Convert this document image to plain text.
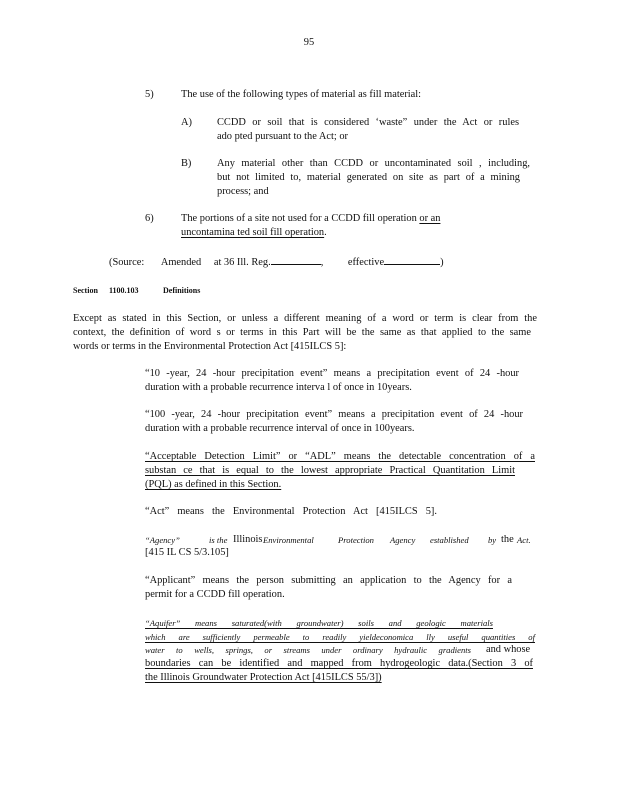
95
5)	The use of the following types of material as fill material:
A)	CCDD or soil that is considered ‘waste” under the Act or rules
ado pted pursuant to the Act; or
B)	Any material other than CCDD or uncontaminated soil , including,
but not limited to, material generated on site as part of a mining
process; and
6)	The portions of a site not used for a CCDD fill operation or an
uncontamina ted soil fill operation.
(Source: Amended at 36 Ill. Reg.	, effective	)
Section 1100.103	Definitions
Except as stated in this Section, or unless a different meaning of a word or term is clear from the
context, the definition of word s or terms in this Part will be the same as that applied to the same
words or terms in the Environmental Protection Act [415ILCS 5]:
“10 -year, 24 -hour precipitation event” means a precipitation event of 24 -hour
duration with a probable recurrence interva l of once in 10years.
“100 -year, 24 -hour precipitation event” means a precipitation event of 24 -hour
duration with a probable recurrence interval of once in 100years.
“Acceptable Detection Limit” or “ADL” means the detectable concentration of a
substan ce that is equal to the lowest appropriate Practical Quantitation Limit
(PQL) as defined in this Section.
“Act” means the Environmental Protection Act [415ILCS 5].
“Agency”	is the Illinois Environmental	Protection Agency established by the Act.
[415 IL CS 5/3.105]
“Applicant” means the person submitting an application to the Agency for a
permit for a CCDD fill operation.
“Aquifer” means saturated(with groundwater) soils and geologic materials
which are sufficiently permeable to readily yieldeconomica lly useful quantities of
water to wells, springs, or streams under ordinary hydraulic gradients and whose
boundaries can be identified and mapped from hydrogeologic data.(Section 3 of
the Illinois Groundwater Protection Act [415ILCS 55/3])
